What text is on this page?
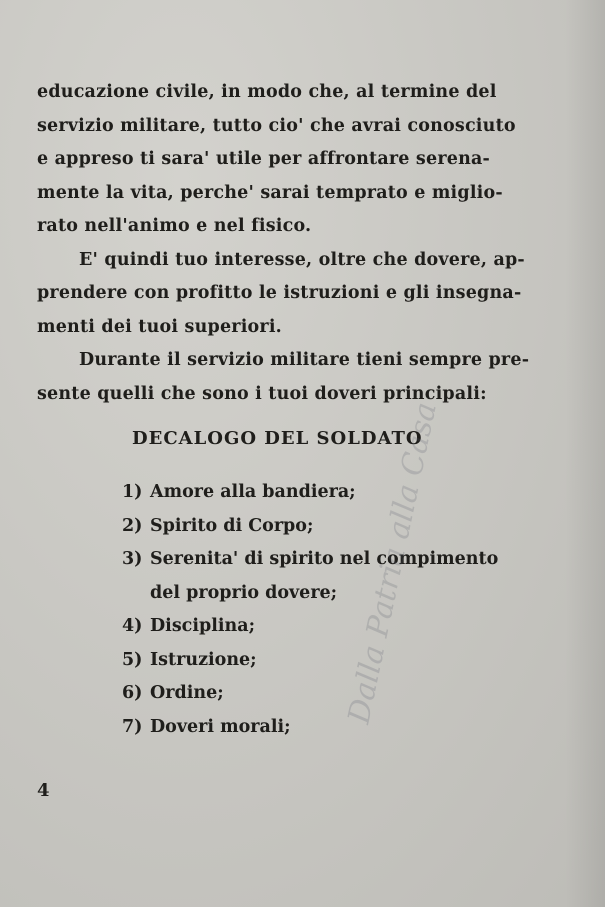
educazione civile, in modo che, al termine del
servizio militare, tutto cio' che avrai conosciuto
e appreso ti sara' utile per affrontare serena-
mente la vita, perche' sarai temprato e miglio-
rato nell'animo e nel fisico.

E' quindi tuo interesse, oltre che dovere, ap-
prendere con profitto le istruzioni e gli insegna-
menti dei tuoi superiori.

Durante il servizio militare tieni sempre pre-
sente quelli che sono i tuoi doveri principali:

DECALOGO DEL SOLDATO
1) Amore alla bandiera;
2) Spirito di Corpo;
3) Serenita' di spirito nel compimento
del proprio dovere;
4) Disciplina;
5) Istruzione;
6) Ordine;
7) Doveri morali;	Dalla Patria alla Casa
4
